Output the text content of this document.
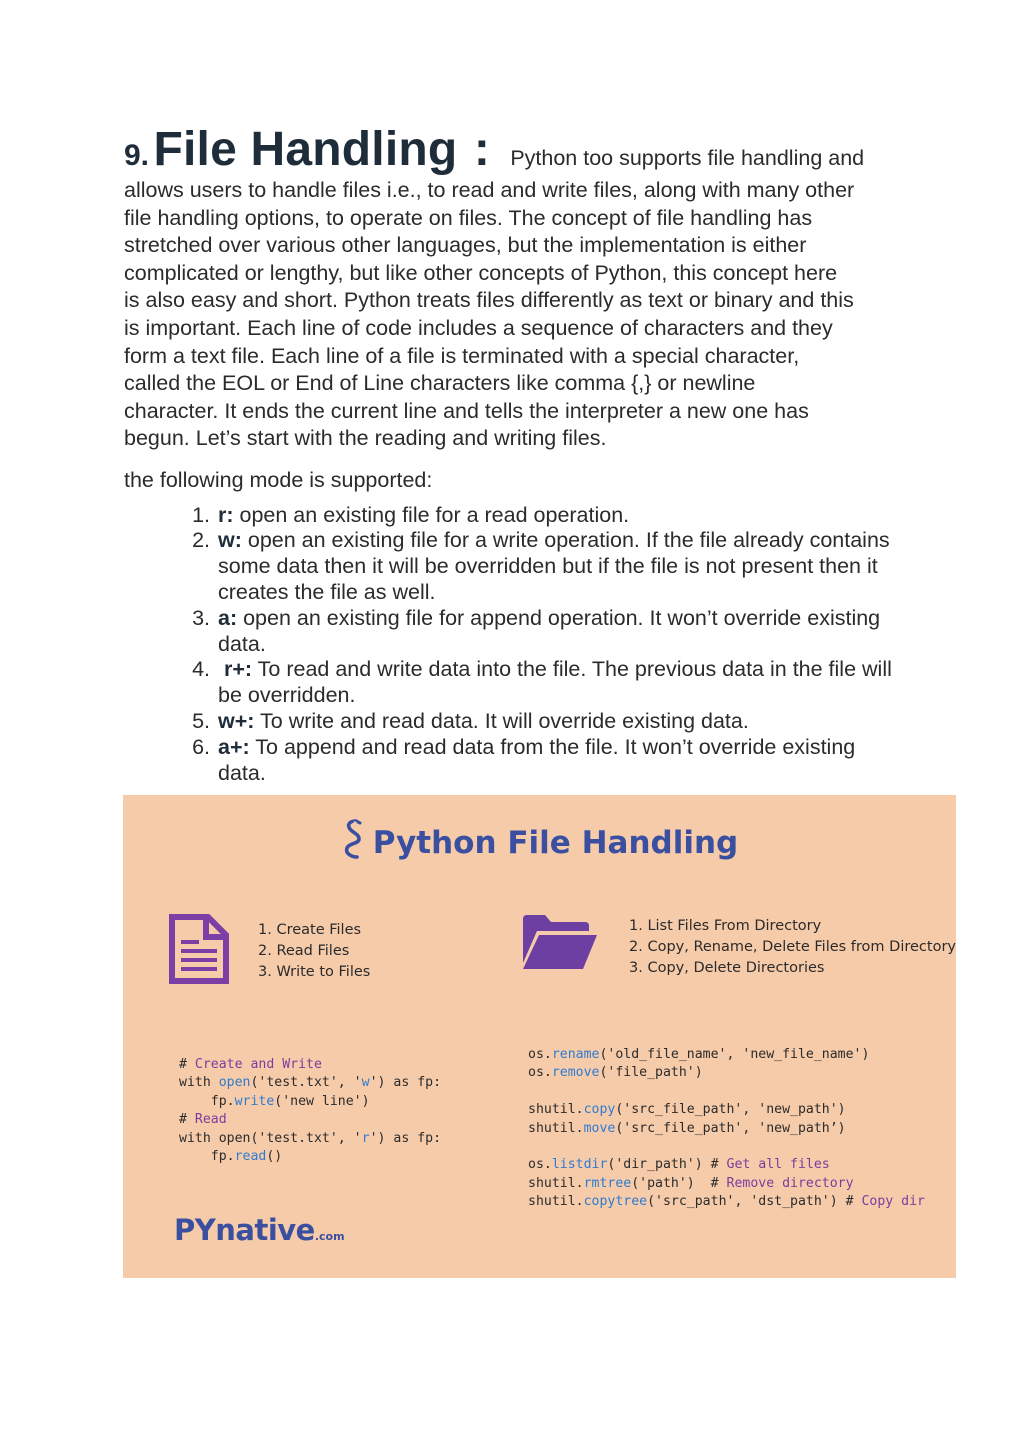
9. File Handling : Python too supports file handling and
allows users to handle files i.e., to read and write files, along with many other
file handling options, to operate on files. The concept of file handling has
stretched over various other languages, but the implementation is either
complicated or lengthy, but like other concepts of Python, this concept here
is also easy and short. Python treats files differently as text or binary and this
is important. Each line of code includes a sequence of characters and they
form a text file. Each line of a file is terminated with a special character,
called the EOL or End of Line characters like comma {,} or newline
character. It ends the current line and tells the interpreter a new one has
begun. Let’s start with the reading and writing files.

the following mode is supported:

1. r: open an existing file for a read operation.
2. w: open an existing file for a write operation. If the file already contains some data then it will be overridden but if the file is not present then it creates the file as well.
3. a: open an existing file for append operation. It won’t override existing data.
4.  r+: To read and write data into the file. The previous data in the file will be overridden.
5. w+: To write and read data. It will override existing data.
6. a+: To append and read data from the file. It won’t override existing data.
Python File Handling
1. Create Files
2. Read Files
3. Write to Files
1. List Files From Directory
2. Copy, Rename, Delete Files from Directory
3. Copy, Delete Directories
# Create and Write
with open('test.txt', 'w') as fp:
fp.write('new line')
# Read
with open('test.txt', 'r') as fp:
fp.read()
os.rename('old_file_name', 'new_file_name')
os.remove('file_path')

shutil.copy('src_file_path', 'new_path')
shutil.move('src_file_path', 'new_path’)

os.listdir('dir_path') # Get all files
shutil.rmtree('path')  # Remove directory
shutil.copytree('src_path', 'dst_path') # Copy dir
PYnative.com
